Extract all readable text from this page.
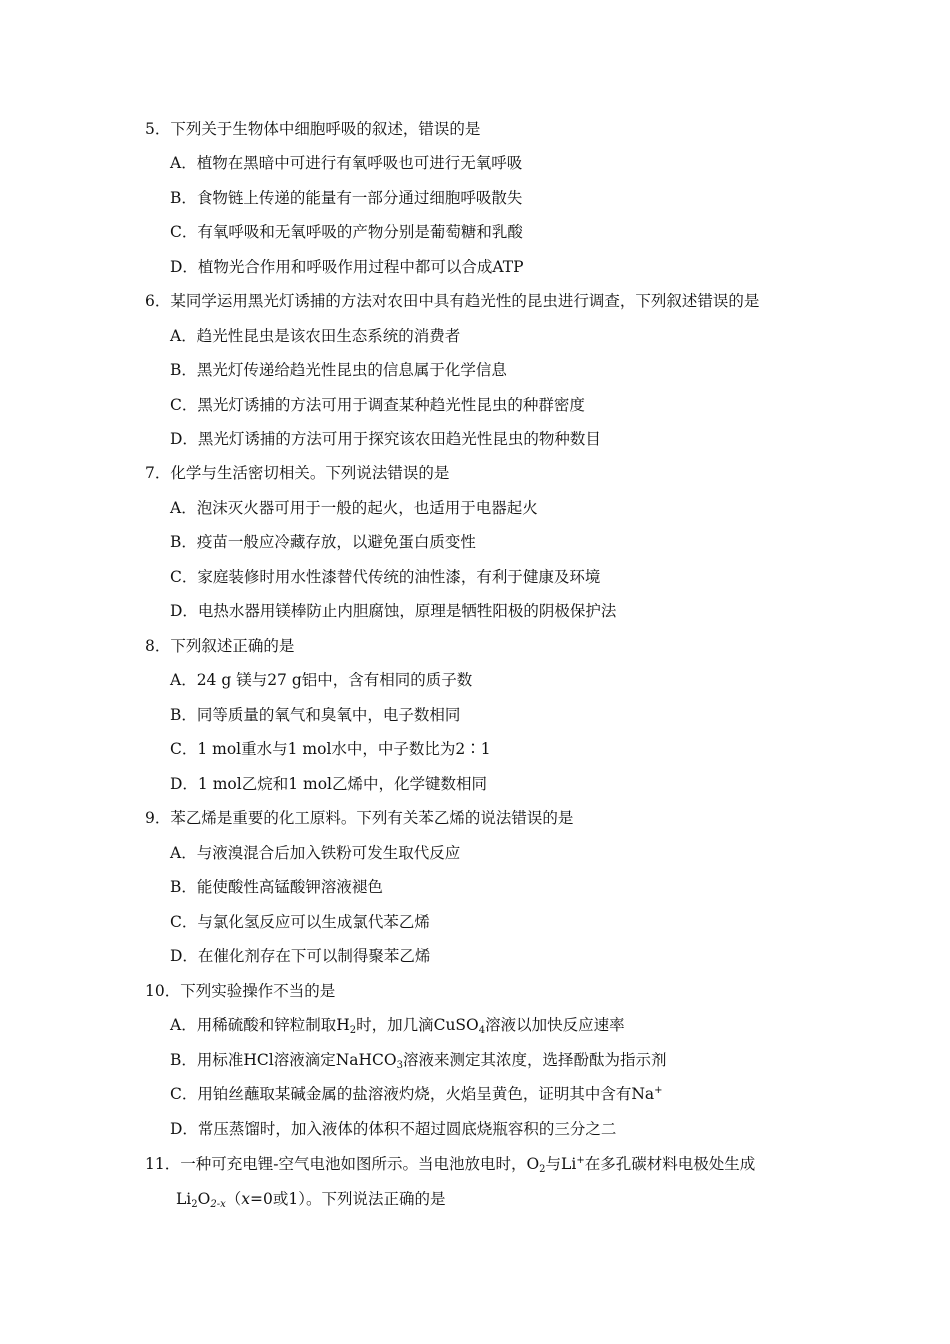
5．下列关于生物体中细胞呼吸的叙述，错误的是
A．植物在黑暗中可进行有氧呼吸也可进行无氧呼吸
B．食物链上传递的能量有一部分通过细胞呼吸散失
C．有氧呼吸和无氧呼吸的产物分别是葡萄糖和乳酸
D．植物光合作用和呼吸作用过程中都可以合成ATP
6．某同学运用黑光灯诱捕的方法对农田中具有趋光性的昆虫进行调查，下列叙述错误的是
A．趋光性昆虫是该农田生态系统的消费者
B．黑光灯传递给趋光性昆虫的信息属于化学信息
C．黑光灯诱捕的方法可用于调查某种趋光性昆虫的种群密度
D．黑光灯诱捕的方法可用于探究该农田趋光性昆虫的物种数目
7．化学与生活密切相关。下列说法错误的是
A．泡沫灭火器可用于一般的起火，也适用于电器起火
B．疫苗一般应冷藏存放，以避免蛋白质变性
C．家庭装修时用水性漆替代传统的油性漆，有利于健康及环境
D．电热水器用镁棒防止内胆腐蚀，原理是牺牲阳极的阴极保护法
8．下列叙述正确的是
A．24 g 镁与27 g铝中，含有相同的质子数
B．同等质量的氧气和臭氧中，电子数相同
C．1 mol重水与1 mol水中，中子数比为2∶1
D．1 mol乙烷和1 mol乙烯中，化学键数相同
9．苯乙烯是重要的化工原料。下列有关苯乙烯的说法错误的是
A．与液溴混合后加入铁粉可发生取代反应
B．能使酸性高锰酸钾溶液褪色
C．与氯化氢反应可以生成氯代苯乙烯
D．在催化剂存在下可以制得聚苯乙烯
10．下列实验操作不当的是
A．用稀硫酸和锌粒制取$H_2$时，加几滴CuSO$_4$溶液以加快反应速率
B．用标准HCl溶液滴定NaHCO$_3$溶液来测定其浓度，选择酚酞为指示剂
C．用铂丝蘸取某碱金属的盐溶液灼烧，火焰呈黄色，证明其中含有Na+
D．常压蒸馏时，加入液体的体积不超过圆底烧瓶容积的三分之二
11．一种可充电锂-空气电池如图所示。当电池放电时，$O_2$与Li+在多孔碳材料电极处生成
$Li_2O_{2-x}(x=0$或1）。下列说法正确的是
